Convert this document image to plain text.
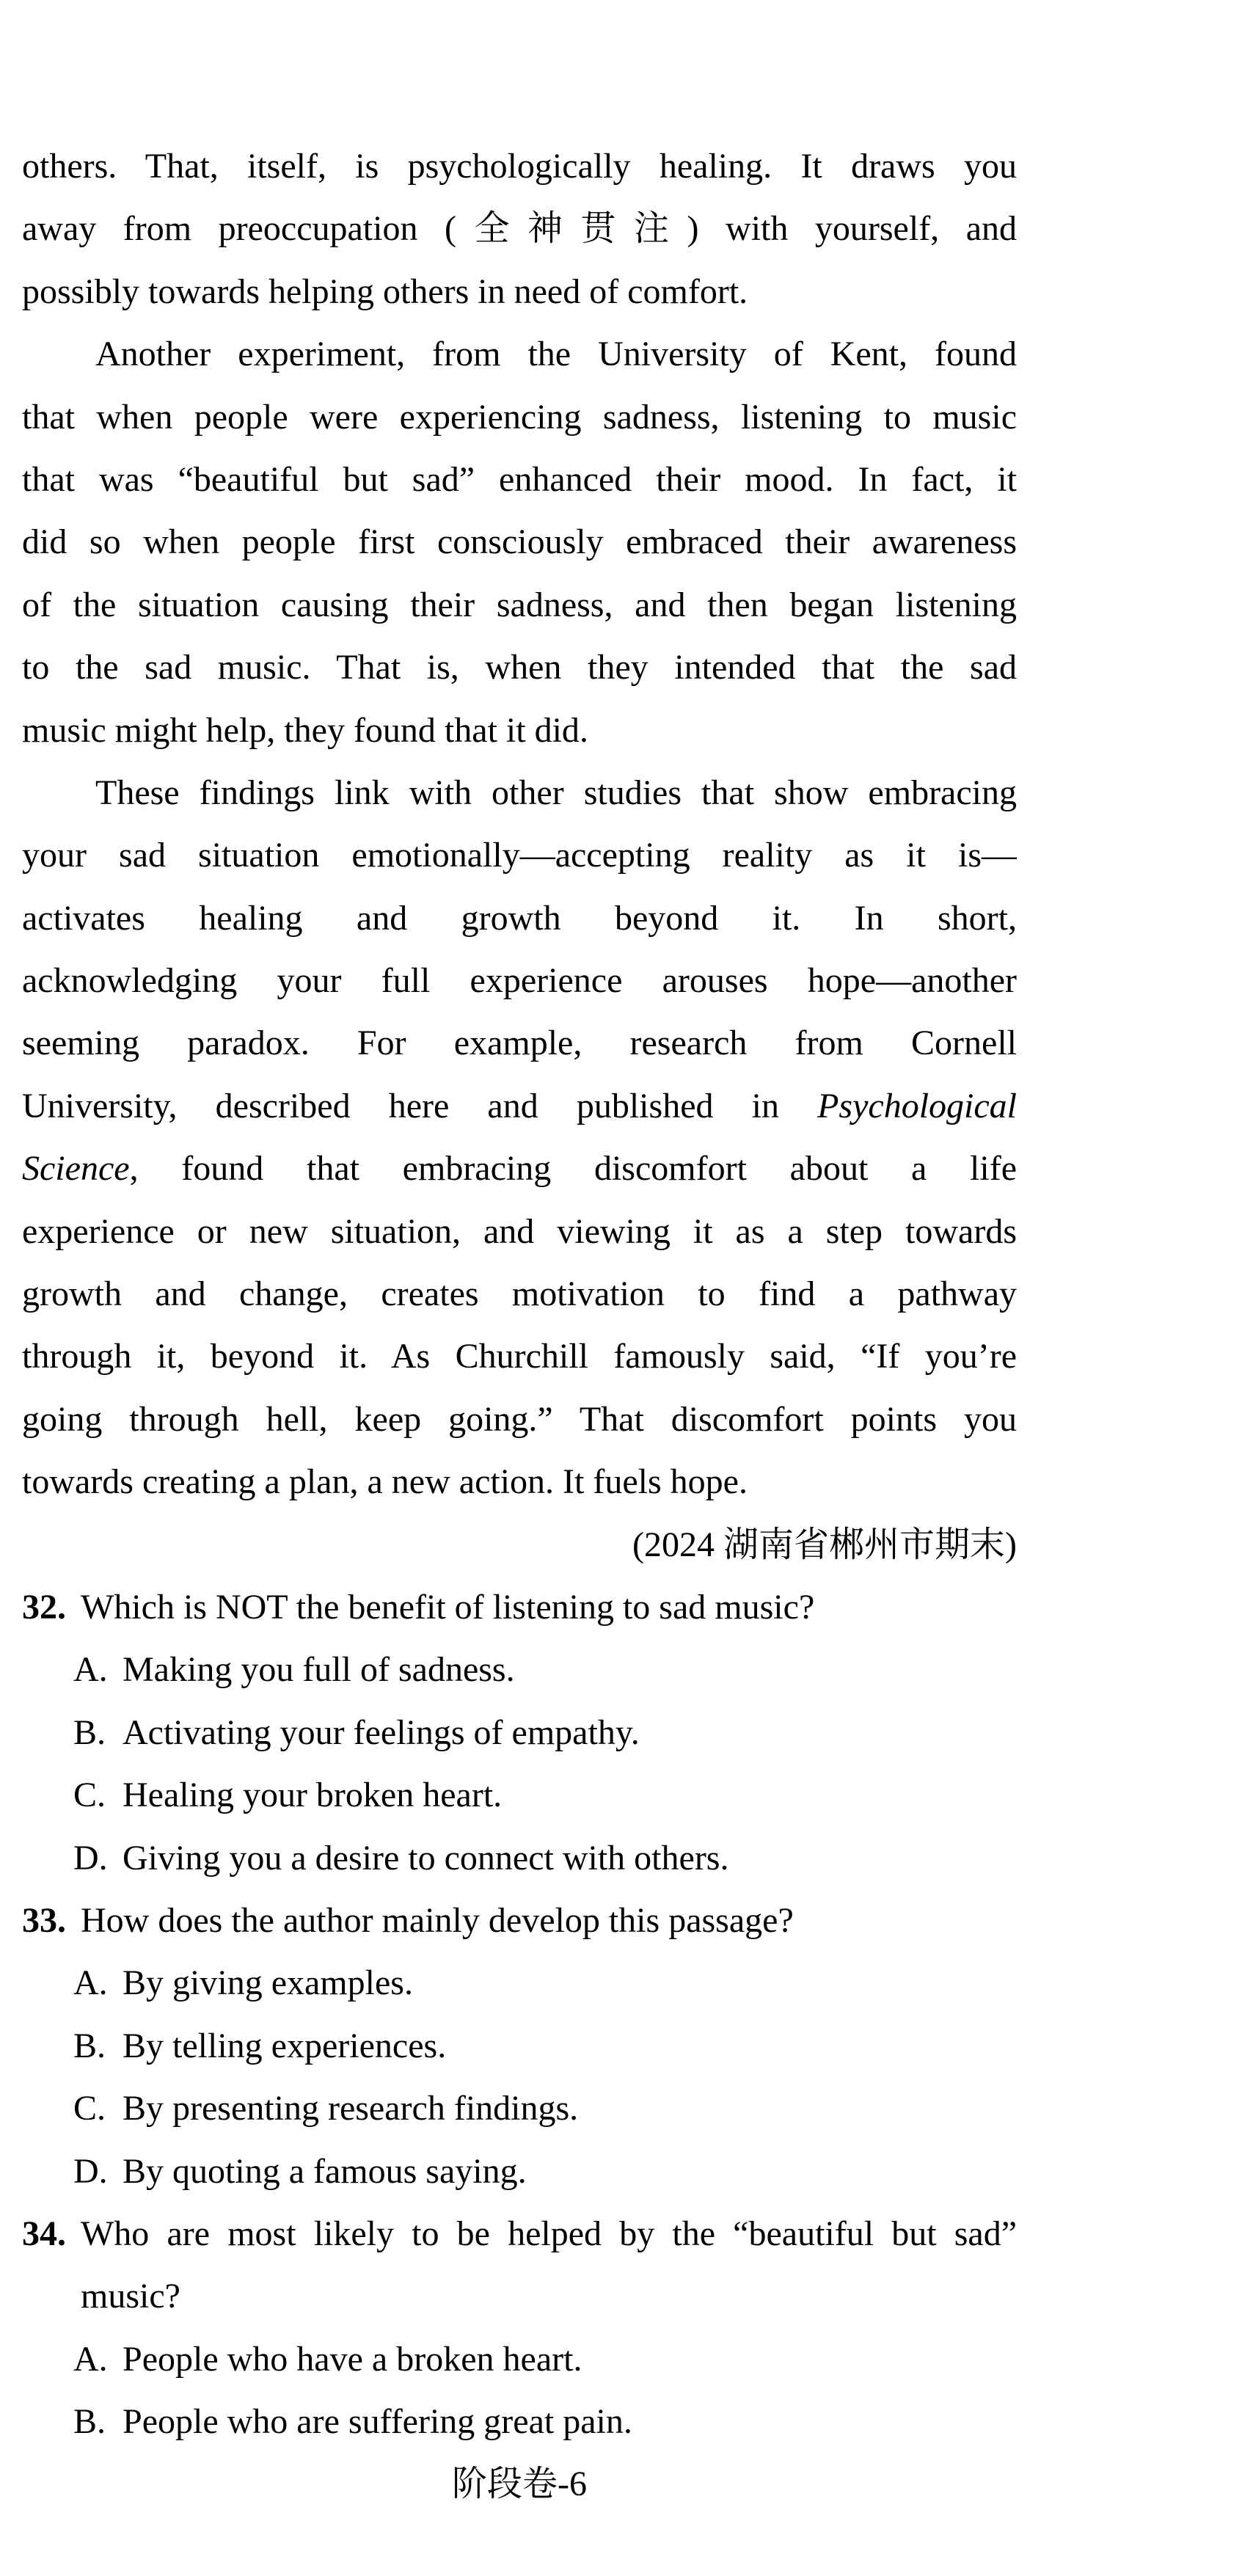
others. That, itself, is psychologically healing. It draws you
away from preoccupation (全神贯注) with yourself, and
possibly towards helping others in need of comfort.
Another experiment, from the University of Kent, found
that when people were experiencing sadness, listening to music
that was “beautiful but sad” enhanced their mood. In fact, it
did so when people first consciously embraced their awareness
of the situation causing their sadness, and then began listening
to the sad music. That is, when they intended that the sad
music might help, they found that it did.
These findings link with other studies that show embracing
your sad situation emotionally—accepting reality as it is—
activates healing and growth beyond it. In short,
acknowledging your full experience arouses hope—another
seeming paradox. For example, research from Cornell
University, described here and published in Psychological
Science, found that embracing discomfort about a life
experience or new situation, and viewing it as a step towards
growth and change, creates motivation to find a pathway
through it, beyond it. As Churchill famously said, “If you’re
going through hell, keep going.” That discomfort points you
towards creating a plan, a new action. It fuels hope.
(2024 湖南省郴州市期末)
32. Which is NOT the benefit of listening to sad music?
A. Making you full of sadness.
B. Activating your feelings of empathy.
C. Healing your broken heart.
D. Giving you a desire to connect with others.
33. How does the author mainly develop this passage?
A. By giving examples.
B. By telling experiences.
C. By presenting research findings.
D. By quoting a famous saying.
34. Who are most likely to be helped by the “beautiful but sad”
music?
A. People who have a broken heart.
B. People who are suffering great pain.
阶段卷-6
